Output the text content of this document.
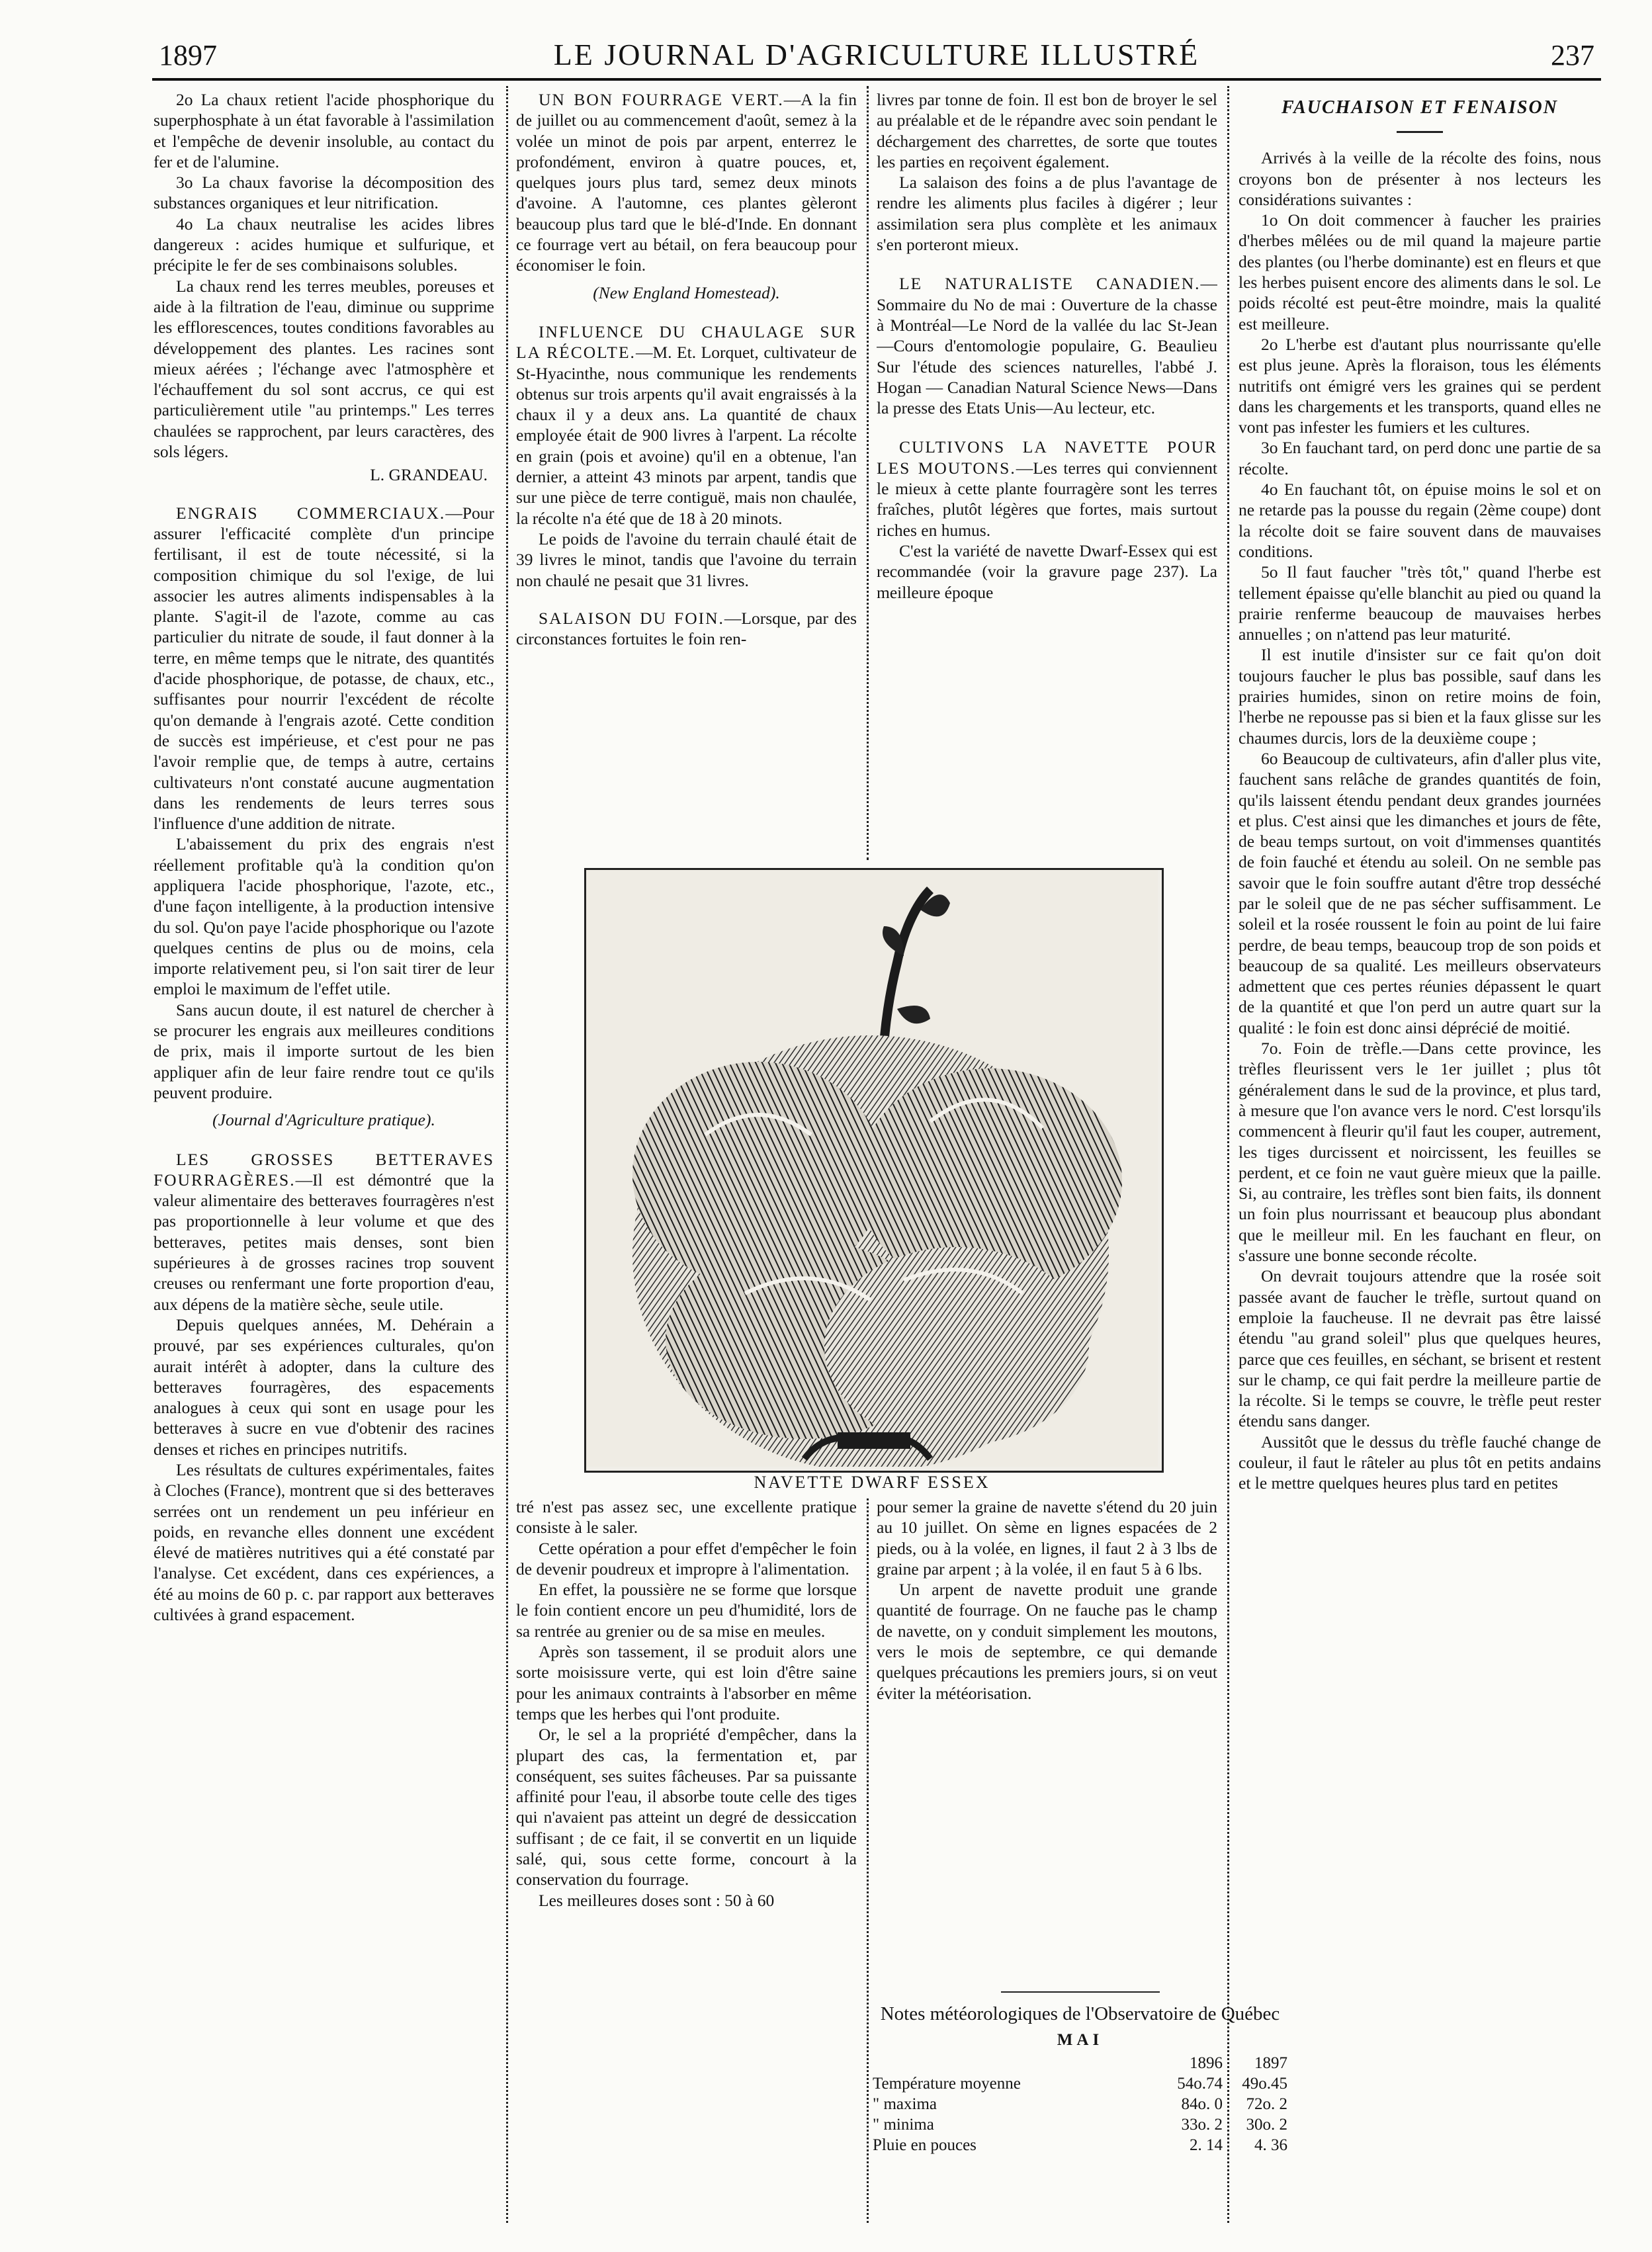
1897	LE JOURNAL D'AGRICULTURE ILLUSTRÉ	237

2o La chaux retient l'acide phosphorique du superphosphate à un état favorable à l'assimilation et l'empêche de devenir insoluble, au contact du fer et de l'alumine.

3o La chaux favorise la décomposition des substances organiques et leur nitrification.

4o La chaux neutralise les acides libres dangereux : acides humique et sulfurique, et précipite le fer de ses combinaisons solubles.

La chaux rend les terres meubles, poreuses et aide à la filtration de l'eau, diminue ou supprime les efflorescences, toutes conditions favorables au développement des plantes. Les racines sont mieux aérées ; l'échange avec l'atmosphère et l'échauffement du sol sont accrus, ce qui est particulièrement utile "au printemps." Les terres chaulées se rapprochent, par leurs caractères, des sols légers.

L. GRANDEAU.

ENGRAIS COMMERCIAUX.—Pour assurer l'efficacité complète d'un principe fertilisant, il est de toute nécessité, si la composition chimique du sol l'exige, de lui associer les autres aliments indispensables à la plante. S'agit-il de l'azote, comme au cas particulier du nitrate de soude, il faut donner à la terre, en même temps que le nitrate, des quantités d'acide phosphorique, de potasse, de chaux, etc., suffisantes pour nourrir l'excédent de récolte qu'on demande à l'engrais azoté. Cette condition de succès est impérieuse, et c'est pour ne pas l'avoir remplie que, de temps à autre, certains cultivateurs n'ont constaté aucune augmentation dans les rendements de leurs terres sous l'influence d'une addition de nitrate.

L'abaissement du prix des engrais n'est réellement profitable qu'à la condition qu'on appliquera l'acide phosphorique, l'azote, etc., d'une façon intelligente, à la production intensive du sol. Qu'on paye l'acide phosphorique ou l'azote quelques centins de plus ou de moins, cela importe relativement peu, si l'on sait tirer de leur emploi le maximum de l'effet utile.

Sans aucun doute, il est naturel de chercher à se procurer les engrais aux meilleures conditions de prix, mais il importe surtout de les bien appliquer afin de leur faire rendre tout ce qu'ils peuvent produire.

(Journal d'Agriculture pratique).

LES GROSSES BETTERAVES FOURRAGÈRES.—Il est démontré que la valeur alimentaire des betteraves fourragères n'est pas proportionnelle à leur volume et que des betteraves, petites mais denses, sont bien supérieures à de grosses racines trop souvent creuses ou renfermant une forte proportion d'eau, aux dépens de la matière sèche, seule utile.

Depuis quelques années, M. Dehérain a prouvé, par ses expériences culturales, qu'on aurait intérêt à adopter, dans la culture des betteraves fourragères, des espacements analogues à ceux qui sont en usage pour les betteraves à sucre en vue d'obtenir des racines denses et riches en principes nutritifs.

Les résultats de cultures expérimentales, faites à Cloches (France), montrent que si des betteraves serrées ont un rendement un peu inférieur en poids, en revanche elles donnent une excédent élevé de matières nutritives qui a été constaté par l'analyse. Cet excédent, dans ces expériences, a été au moins de 60 p. c. par rapport aux betteraves cultivées à grand espacement.

UN BON FOURRAGE VERT.—A la fin de juillet ou au commencement d'août, semez à la volée un minot de pois par arpent, enterrez le profondément, environ à quatre pouces, et, quelques jours plus tard, semez deux minots d'avoine. A l'automne, ces plantes gèleront beaucoup plus tard que le blé-d'Inde. En donnant ce fourrage vert au bétail, on fera beaucoup pour économiser le foin.

(New England Homestead).

INFLUENCE DU CHAULAGE SUR LA RÉCOLTE.—M. Et. Lorquet, cultivateur de St-Hyacinthe, nous communique les rendements obtenus sur trois arpents qu'il avait engraissés à la chaux il y a deux ans. La quantité de chaux employée était de 900 livres à l'arpent. La récolte en grain (pois et avoine) qu'il en a obtenue, l'an dernier, a atteint 43 minots par arpent, tandis que sur une pièce de terre contiguë, mais non chaulée, la récolte n'a été que de 18 à 20 minots.

Le poids de l'avoine du terrain chaulé était de 39 livres le minot, tandis que l'avoine du terrain non chaulé ne pesait que 31 livres.

SALAISON DU FOIN.—Lorsque, par des circonstances fortuites le foin ren-

livres par tonne de foin. Il est bon de broyer le sel au préalable et de le répandre avec soin pendant le déchargement des charrettes, de sorte que toutes les parties en reçoivent également.

La salaison des foins a de plus l'avantage de rendre les aliments plus faciles à digérer ; leur assimilation sera plus complète et les animaux s'en porteront mieux.

LE NATURALISTE CANADIEN.—Sommaire du No de mai : Ouverture de la chasse à Montréal—Le Nord de la vallée du lac St-Jean—Cours d'entomologie populaire, G. Beaulieu Sur l'étude des sciences naturelles, l'abbé J. Hogan — Canadian Natural Science News—Dans la presse des Etats Unis—Au lecteur, etc.

CULTIVONS LA NAVETTE POUR LES MOUTONS.—Les terres qui conviennent le mieux à cette plante fourragère sont les terres fraîches, plutôt légères que fortes, mais surtout riches en humus.

C'est la variété de navette Dwarf-Essex qui est recommandée (voir la gravure page 237). La meilleure époque

NAVETTE DWARF ESSEX

tré n'est pas assez sec, une excellente pratique consiste à le saler.

Cette opération a pour effet d'empêcher le foin de devenir poudreux et impropre à l'alimentation.

En effet, la poussière ne se forme que lorsque le foin contient encore un peu d'humidité, lors de sa rentrée au grenier ou de sa mise en meules.

Après son tassement, il se produit alors une sorte moisissure verte, qui est loin d'être saine pour les animaux contraints à l'absorber en même temps que les herbes qui l'ont produite.

Or, le sel a la propriété d'empêcher, dans la plupart des cas, la fermentation et, par conséquent, ses suites fâcheuses. Par sa puissante affinité pour l'eau, il absorbe toute celle des tiges qui n'avaient pas atteint un degré de dessiccation suffisant ; de ce fait, il se convertit en un liquide salé, qui, sous cette forme, concourt à la conservation du fourrage.

Les meilleures doses sont : 50 à 60

pour semer la graine de navette s'étend du 20 juin au 10 juillet. On sème en lignes espacées de 2 pieds, ou à la volée, en lignes, il faut 2 à 3 lbs de graine par arpent ; à la volée, il en faut 5 à 6 lbs.

Un arpent de navette produit une grande quantité de fourrage. On ne fauche pas le champ de navette, on y conduit simplement les moutons, vers le mois de septembre, ce qui demande quelques précautions les premiers jours, si on veut éviter la météorisation.

Notes météorologiques de l'Observatoire de Québec
MAI
	1896	1897
Température moyenne	54o.74	49o.45
" maxima	84o. 0	72o. 2
" minima	33o. 2	30o. 2
Pluie en pouces	2. 14	4. 36
FAUCHAISON ET FENAISON

Arrivés à la veille de la récolte des foins, nous croyons bon de présenter à nos lecteurs les considérations suivantes :

1o On doit commencer à faucher les prairies d'herbes mêlées ou de mil quand la majeure partie des plantes (ou l'herbe dominante) est en fleurs et que les herbes puisent encore des aliments dans le sol. Le poids récolté est peut-être moindre, mais la qualité est meilleure.

2o L'herbe est d'autant plus nourrissante qu'elle est plus jeune. Après la floraison, tous les éléments nutritifs ont émigré vers les graines qui se perdent dans les chargements et les transports, quand elles ne vont pas infester les fumiers et les cultures.

3o En fauchant tard, on perd donc une partie de sa récolte.

4o En fauchant tôt, on épuise moins le sol et on ne retarde pas la pousse du regain (2ème coupe) dont la récolte doit se faire souvent dans de mauvaises conditions.

5o Il faut faucher "très tôt," quand l'herbe est tellement épaisse qu'elle blanchit au pied ou quand la prairie renferme beaucoup de mauvaises herbes annuelles ; on n'attend pas leur maturité.

Il est inutile d'insister sur ce fait qu'on doit toujours faucher le plus bas possible, sauf dans les prairies humides, sinon on retire moins de foin, l'herbe ne repousse pas si bien et la faux glisse sur les chaumes durcis, lors de la deuxième coupe ;

6o Beaucoup de cultivateurs, afin d'aller plus vite, fauchent sans relâche de grandes quantités de foin, qu'ils laissent étendu pendant deux grandes journées et plus. C'est ainsi que les dimanches et jours de fête, de beau temps surtout, on voit d'immenses quantités de foin fauché et étendu au soleil. On ne semble pas savoir que le foin souffre autant d'être trop desséché par le soleil que de ne pas sécher suffisamment. Le soleil et la rosée roussent le foin au point de lui faire perdre, de beau temps, beaucoup trop de son poids et beaucoup de sa qualité. Les meilleurs observateurs admettent que ces pertes réunies dépassent le quart de la quantité et que l'on perd un autre quart sur la qualité : le foin est donc ainsi déprécié de moitié.

7o. Foin de trèfle.—Dans cette province, les trèfles fleurissent vers le 1er juillet ; plus tôt généralement dans le sud de la province, et plus tard, à mesure que l'on avance vers le nord. C'est lorsqu'ils commencent à fleurir qu'il faut les couper, autrement, les tiges durcissent et noircissent, les feuilles se perdent, et ce foin ne vaut guère mieux que la paille. Si, au contraire, les trèfles sont bien faits, ils donnent un foin plus nourrissant et beaucoup plus abondant que le meilleur mil. En les fauchant en fleur, on s'assure une bonne seconde récolte.

On devrait toujours attendre que la rosée soit passée avant de faucher le trèfle, surtout quand on emploie la faucheuse. Il ne devrait pas être laissé étendu "au grand soleil" plus que quelques heures, parce que ces feuilles, en séchant, se brisent et restent sur le champ, ce qui fait perdre la meilleure partie de la récolte. Si le temps se couvre, le trèfle peut rester étendu sans danger.

Aussitôt que le dessus du trèfle fauché change de couleur, il faut le râteler au plus tôt en petits andains et le mettre quelques heures plus tard en petites
